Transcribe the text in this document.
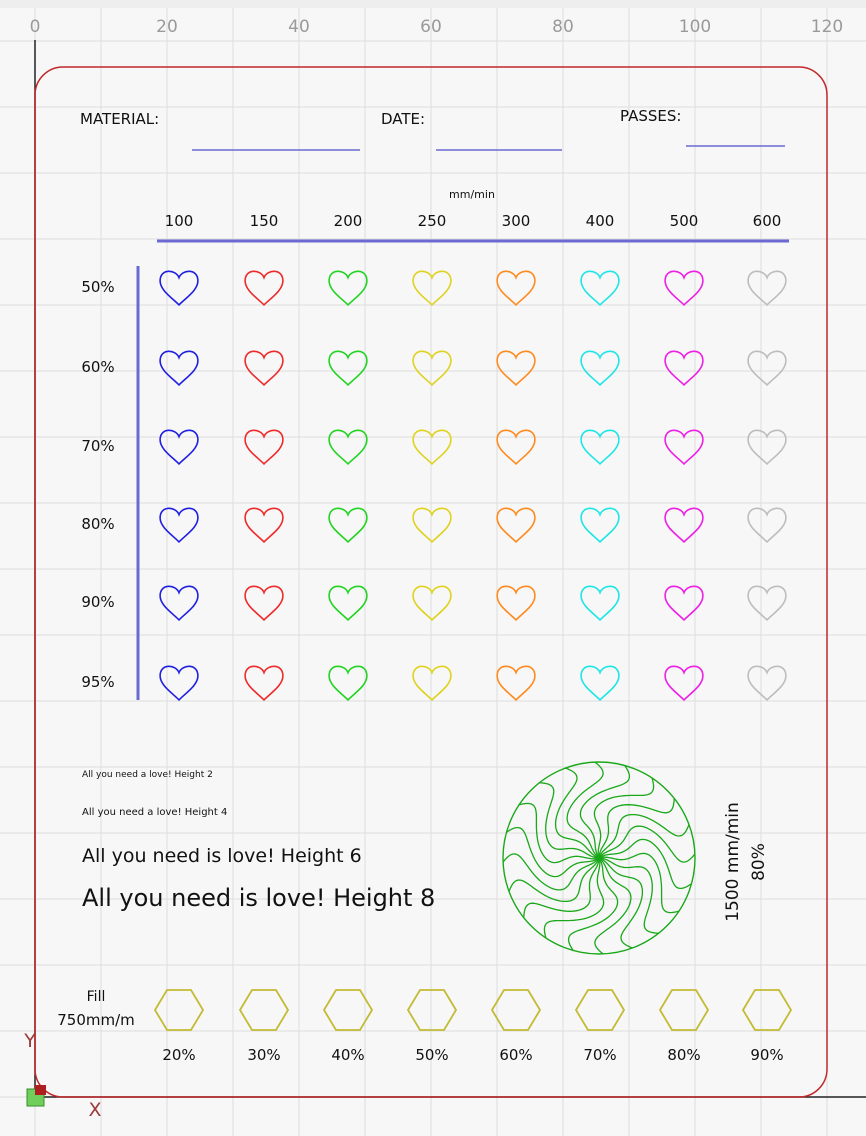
0	20	40	60	80	100	120
MATERIAL:	DATE:	PASSES:
mm/min
100	150	200	250	300	400	500	600
50%
60%
70%
80%
90%
95%
All you need a love! Height 2
All you need a love! Height 4
All you need is love! Height 6
All you need is love! Height 8	1500 mm/min 80%
Fill
750mm/m
20%	30%	40%	50%	60%	70%	80%	90%
Y
X
